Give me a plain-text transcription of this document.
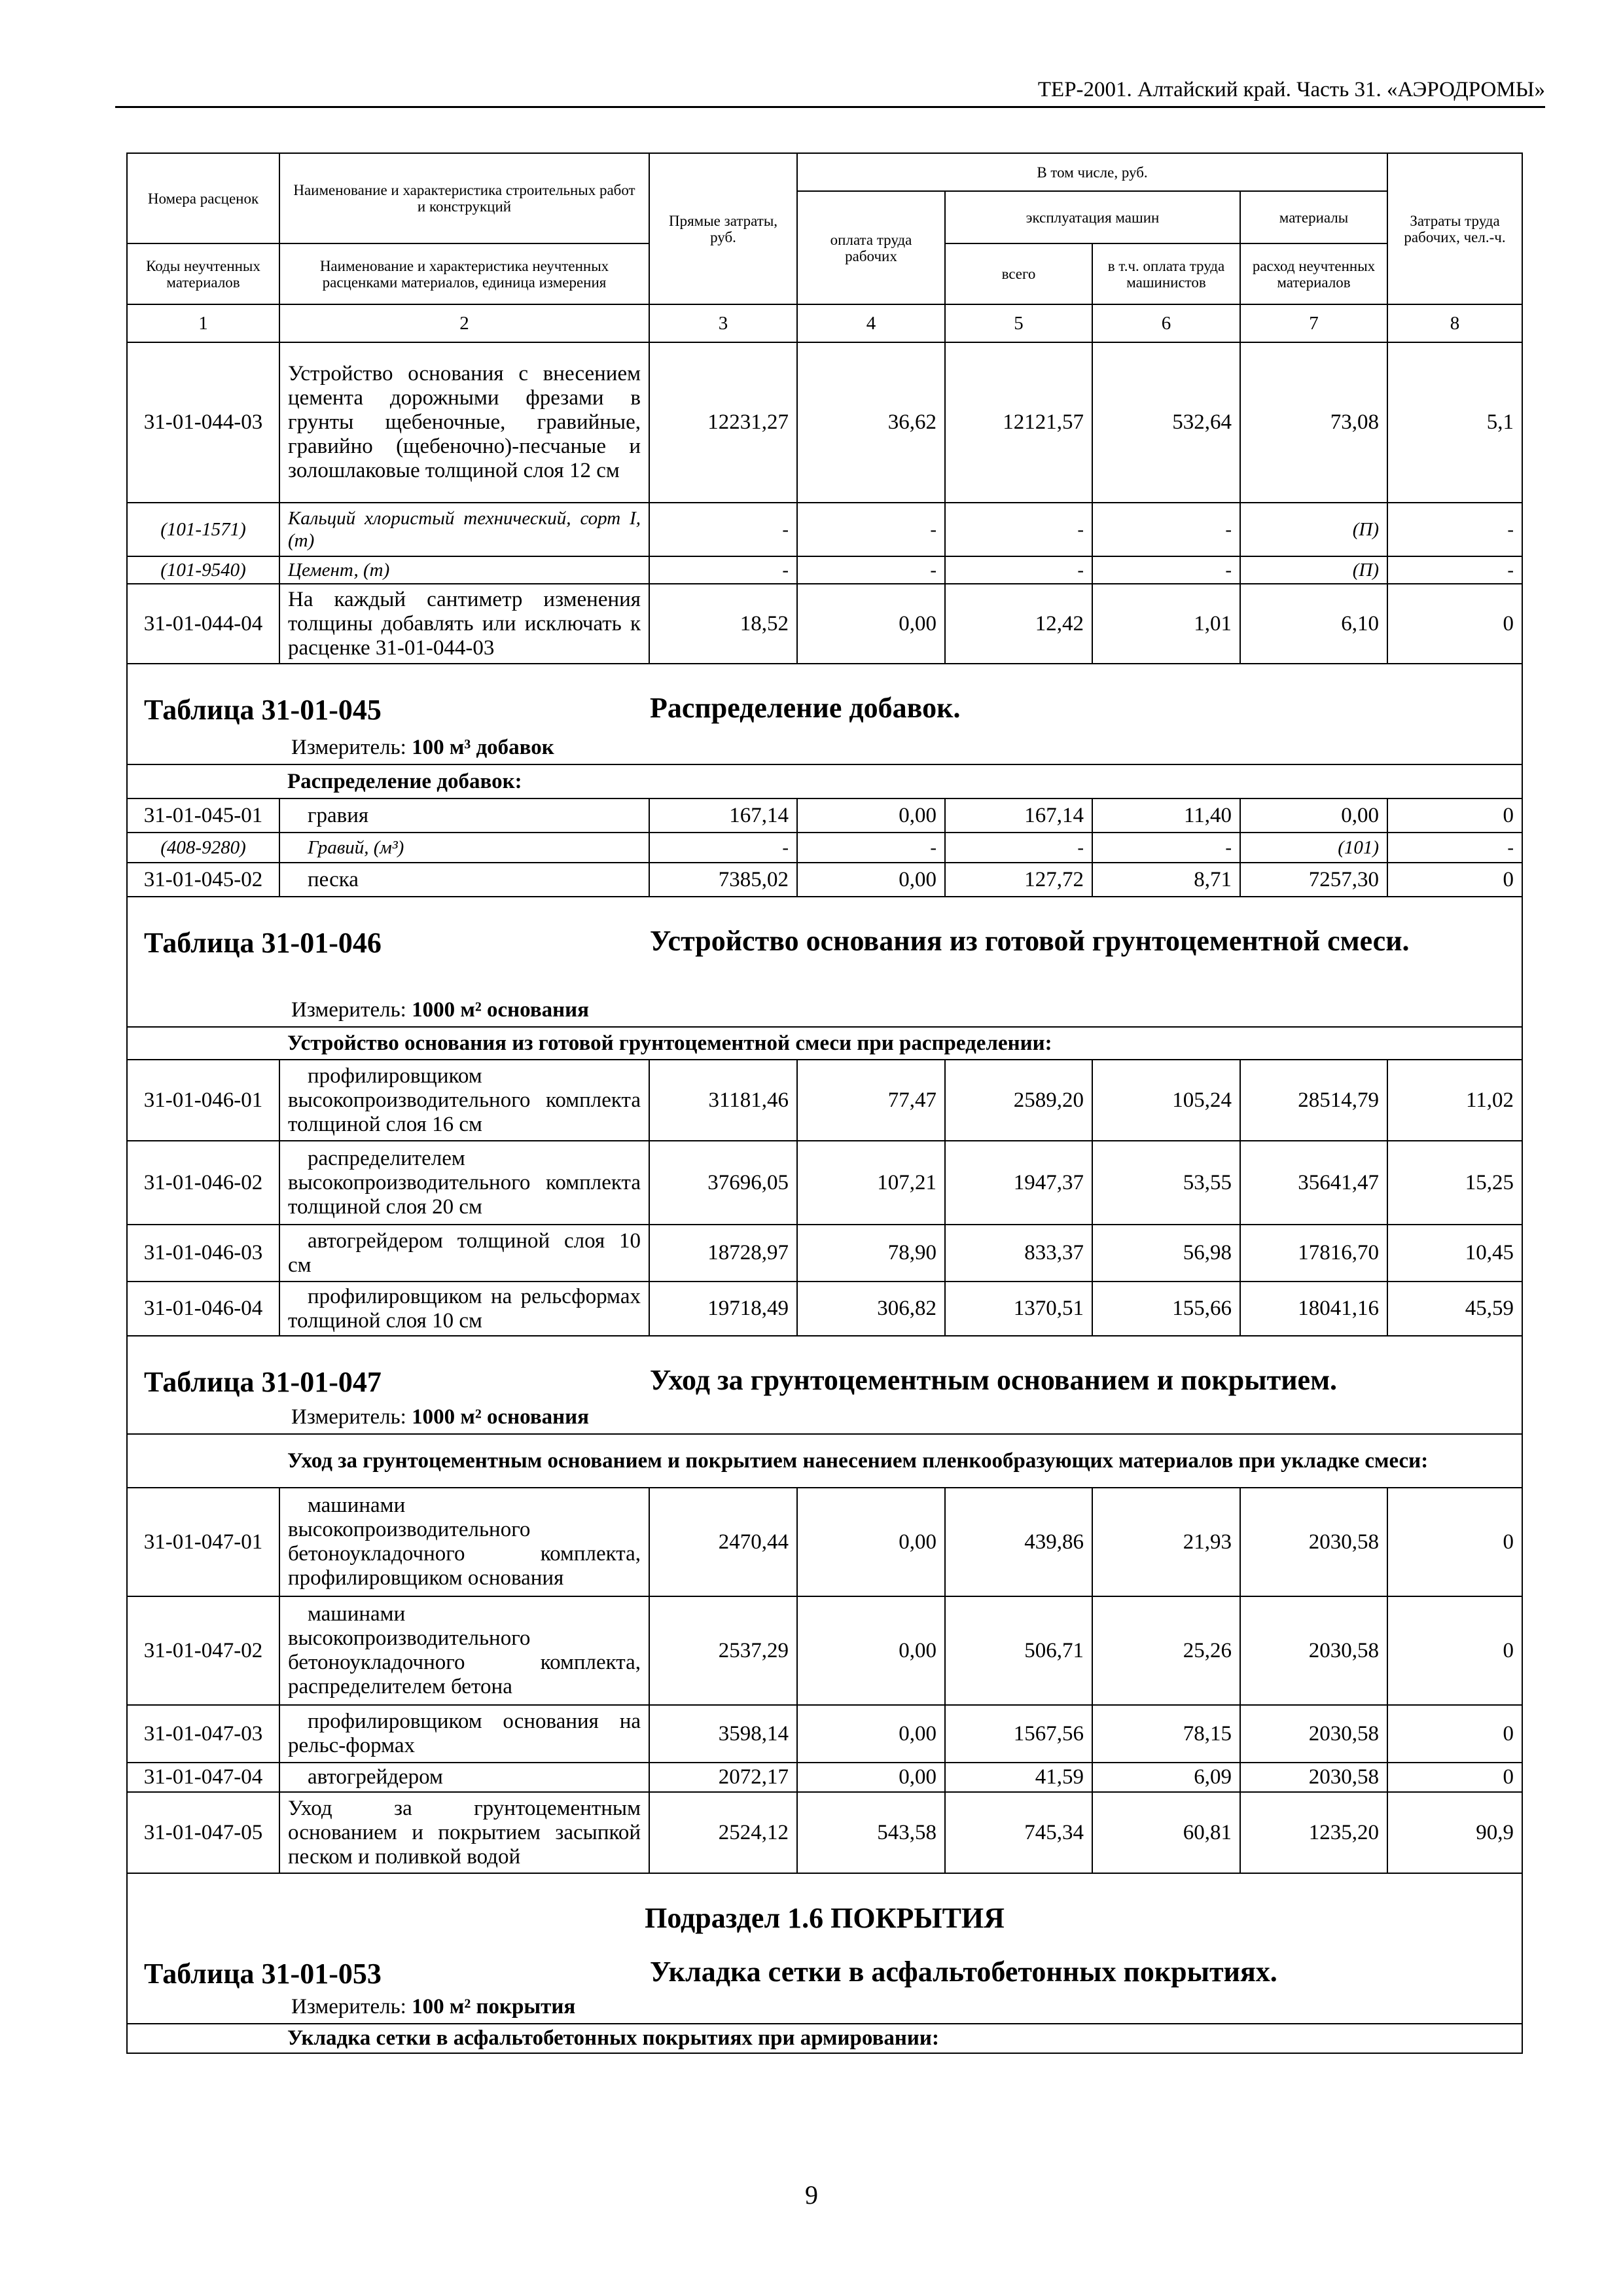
ТЕР-2001. Алтайский край. Часть 31. «АЭРОДРОМЫ»
Номера расценок	Наименование и характеристика строительных работ и конструкций	Прямые затраты, руб.	В том числе, руб.				Затраты труда рабочих, чел.-ч.
			оплата труда рабочих	эксплуатация машин		материалы	
Коды неучтенных материалов	Наименование и характеристика неучтенных расценками материалов, единица измерения			всего	в т.ч. оплата труда машинистов	расход неучтенных материалов	
1	2	3	4	5	6	7	8
31-01-044-03	Устройство основания с внесением цемента дорожными фрезами в грунты щебеночные, гравийные, гравийно (щебеночно)-песчаные и золошлаковые толщиной слоя 12 см	12231,27	36,62	12121,57	532,64	73,08	5,1
(101-1571)	Кальций хлористый технический, сорт I, (т)	-	-	-	-	(П)	-
(101-9540)	Цемент, (т)	-	-	-	-	(П)	-
31-01-044-04	На каждый сантиметр изменения толщины добавлять или исключать к расценке 31-01-044-03	18,52	0,00	12,42	1,01	6,10	0

Таблица 31-01-045 Распределение добавок.
Измеритель: 100 м³ добавок							

	Распределение добавок:						
31-01-045-01	гравия	167,14	0,00	167,14	11,40	0,00	0
(408-9280)	Гравий, (м³)	-	-	-	-	(101)	-
31-01-045-02	песка	7385,02	0,00	127,72	8,71	7257,30	0

Таблица 31-01-046 Устройство основания из готовой грунтоцементной смеси.
Измеритель: 1000 м² основания							

	Устройство основания из готовой грунтоцементной смеси при распределении:						
31-01-046-01	профилировщиком высокопроизводительного комплекта толщиной слоя 16 см	31181,46	77,47	2589,20	105,24	28514,79	11,02
31-01-046-02	распределителем высокопроизводительного комплекта толщиной слоя 20 см	37696,05	107,21	1947,37	53,55	35641,47	15,25
31-01-046-03	автогрейдером толщиной слоя 10 см	18728,97	78,90	833,37	56,98	17816,70	10,45
31-01-046-04	профилировщиком на рельсформах толщиной слоя 10 см	19718,49	306,82	1370,51	155,66	18041,16	45,59

Таблица 31-01-047 Уход за грунтоцементным основанием и покрытием.
Измеритель: 1000 м² основания							

	Уход за грунтоцементным основанием и покрытием нанесением пленкообразующих материалов при укладке смеси:						
31-01-047-01	машинами высокопроизводительного бетоноукладочного комплекта, профилировщиком основания	2470,44	0,00	439,86	21,93	2030,58	0
31-01-047-02	машинами высокопроизводительного бетоноукладочного комплекта, распределителем бетона	2537,29	0,00	506,71	25,26	2030,58	0
31-01-047-03	профилировщиком основания на рельс-формах	3598,14	0,00	1567,56	78,15	2030,58	0
31-01-047-04	автогрейдером	2072,17	0,00	41,59	6,09	2030,58	0
31-01-047-05	Уход за грунтоцементным основанием и покрытием засыпкой песком и поливкой водой	2524,12	543,58	745,34	60,81	1235,20	90,9

Подраздел 1.6 ПОКРЫТИЯ							

Таблица 31-01-053 Укладка сетки в асфальтобетонных покрытиях.
Измеритель: 100 м² покрытия							

	Укладка сетки в асфальтобетонных покрытиях при армировании:						
9
